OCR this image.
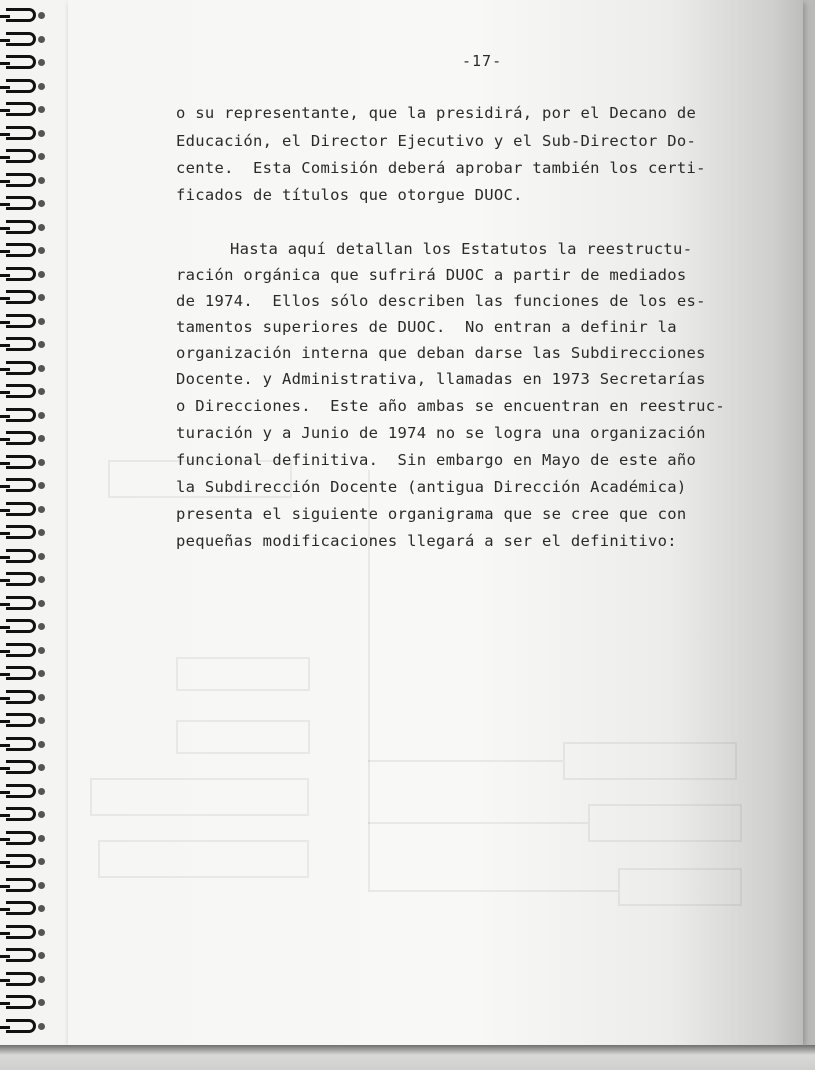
-17-
o su representante, que la presidirá, por el Decano de
Educación, el Director Ejecutivo y el Sub-Director Do-
cente.  Esta Comisión deberá aprobar también los certi-
ficados de títulos que otorgue DUOC.
Hasta aquí detallan los Estatutos la reestructu-
ración orgánica que sufrirá DUOC a partir de mediados
de 1974.  Ellos sólo describen las funciones de los es-
tamentos superiores de DUOC.  No entran a definir la
organización interna que deban darse las Subdirecciones
Docente. y Administrativa, llamadas en 1973 Secretarías
o Direcciones.  Este año ambas se encuentran en reestruc-
turación y a Junio de 1974 no se logra una organización
funcional definitiva.  Sin embargo en Mayo de este año
la Subdirección Docente (antigua Dirección Académica)
presenta el siguiente organigrama que se cree que con
pequeñas modificaciones llegará a ser el definitivo:
